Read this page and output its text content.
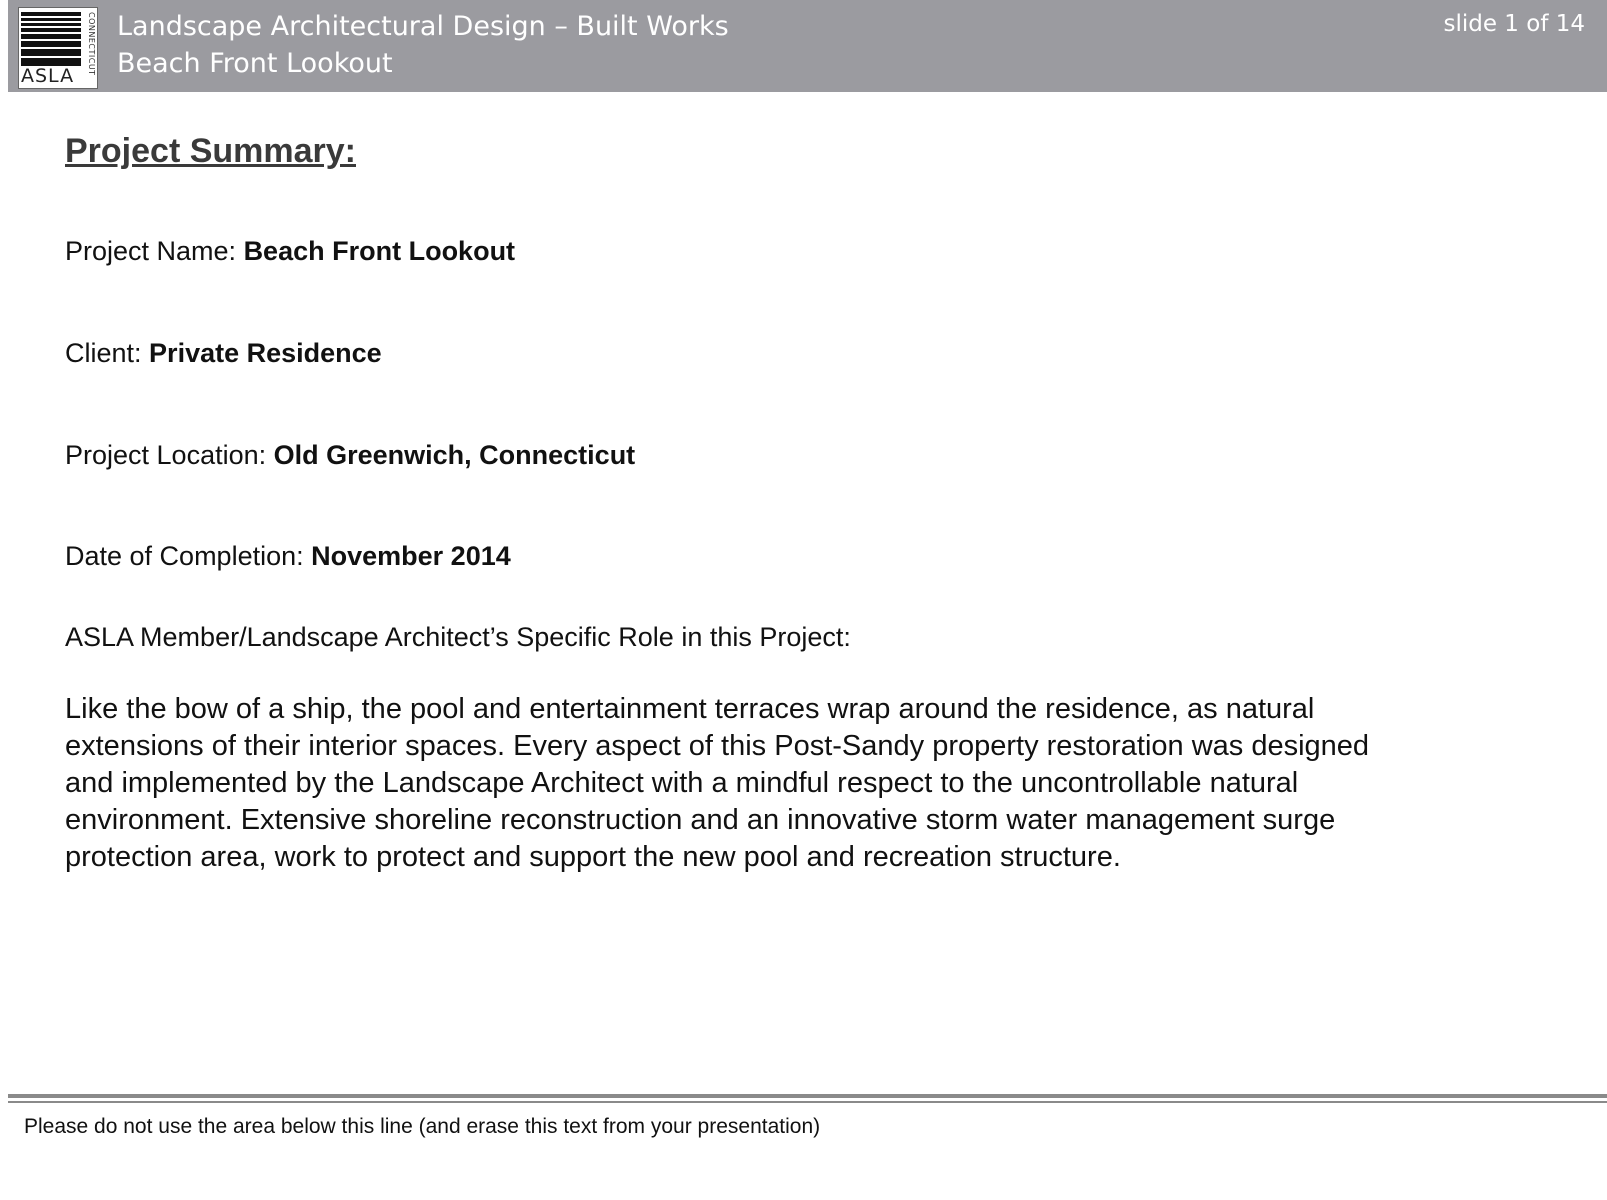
ASLA
CONNECTICUT Landscape Architectural Design – Built Works
Beach Front Lookout
slide 1 of 14
Project Summary:
Project Name: Beach Front Lookout
Client: Private Residence
Project Location: Old Greenwich, Connecticut
Date of Completion: November 2014
ASLA Member/Landscape Architect’s Specific Role in this Project:
Like the bow of a ship, the pool and entertainment terraces wrap around the residence, as natural extensions of their interior spaces. Every aspect of this Post-Sandy property restoration was designed and implemented by the Landscape Architect with a mindful respect to the uncontrollable natural environment. Extensive shoreline reconstruction and an innovative storm water management surge protection area, work to protect and support the new pool and recreation structure.
Please do not use the area below this line (and erase this text from your presentation)
